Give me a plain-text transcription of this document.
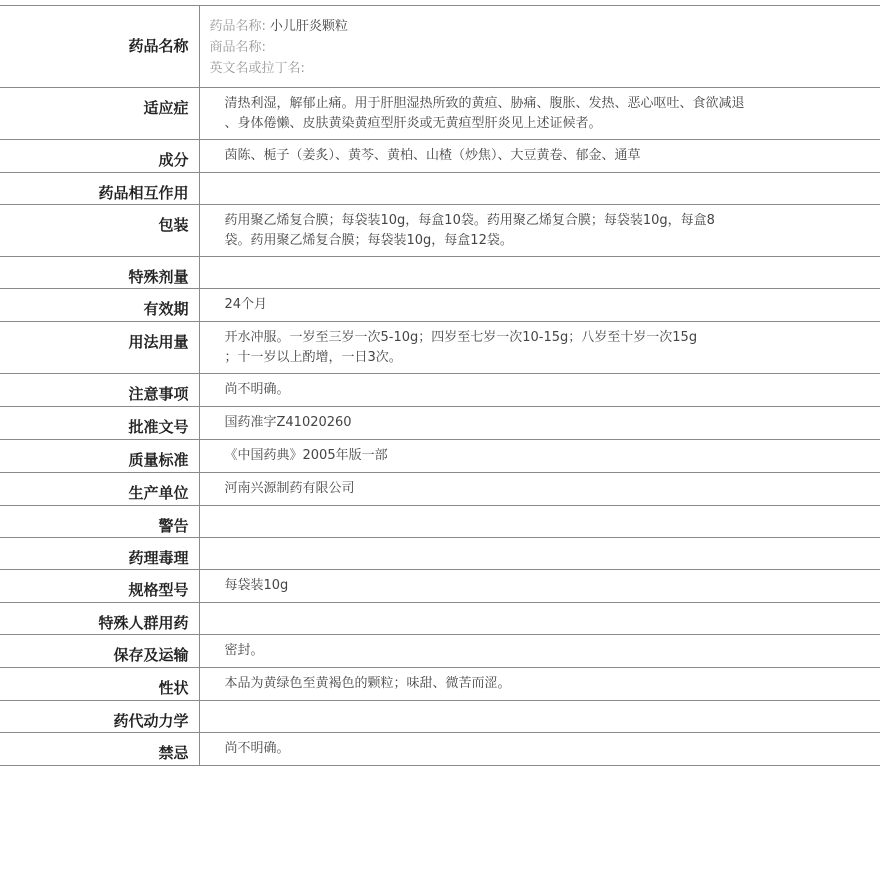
药品名称	药品名称: 小儿肝炎颗粒
商品名称:
英文名或拉丁名:

适应症	清热利湿，解郁止痛。用于肝胆湿热所致的黄疸、胁痛、腹胀、发热、恶心呕吐、食欲减退
、身体倦懒、皮肤黄染黄疸型肝炎或无黄疸型肝炎见上述证候者。

成分	茵陈、栀子（姜炙）、黄芩、黄柏、山楂（炒焦）、大豆黄卷、郁金、通草
药品相互作用	
包装	药用聚乙烯复合膜；每袋装10g，每盒10袋。药用聚乙烯复合膜；每袋装10g，每盒8
袋。药用聚乙烯复合膜；每袋装10g，每盒12袋。

特殊剂量	
有效期	24个月
用法用量	开水冲服。一岁至三岁一次5-10g；四岁至七岁一次10-15g；八岁至十岁一次15g
；十一岁以上酌增，一日3次。

注意事项	尚不明确。
批准文号	国药准字Z41020260
质量标准	《中国药典》2005年版一部
生产单位	河南兴源制药有限公司
警告	
药理毒理	
规格型号	每袋装10g
特殊人群用药	
保存及运输	密封。
性状	本品为黄绿色至黄褐色的颗粒；味甜、微苦而涩。
药代动力学	
禁忌	尚不明确。
